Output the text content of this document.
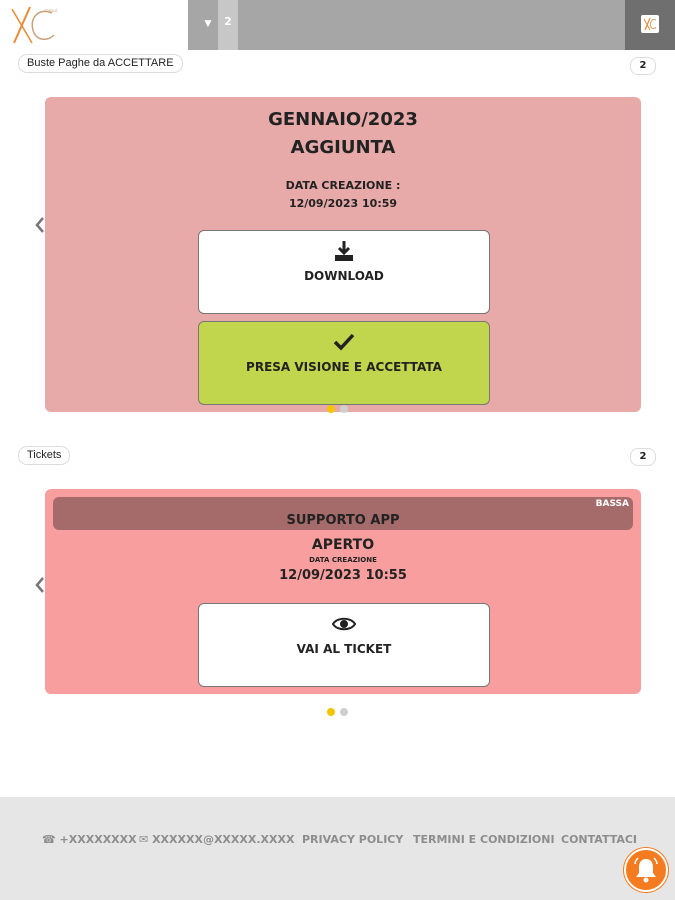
consul
▼	2
Buste Paghe da ACCETTARE	2
GENNAIO/2023
AGGIUNTA
DATA CREAZIONE :
12/09/2023 10:59
DOWNLOAD
PRESA VISIONE E ACCETTATA
Tickets	2
BASSA
SUPPORTO APP
APERTO
DATA CREAZIONE
12/09/2023 10:55
VAI AL TICKET
☎ +XXXXXXXX ✉ XXXXXX@XXXXX.XXXX PRIVACY POLICY TERMINI E CONDIZIONI CONTATTACI
